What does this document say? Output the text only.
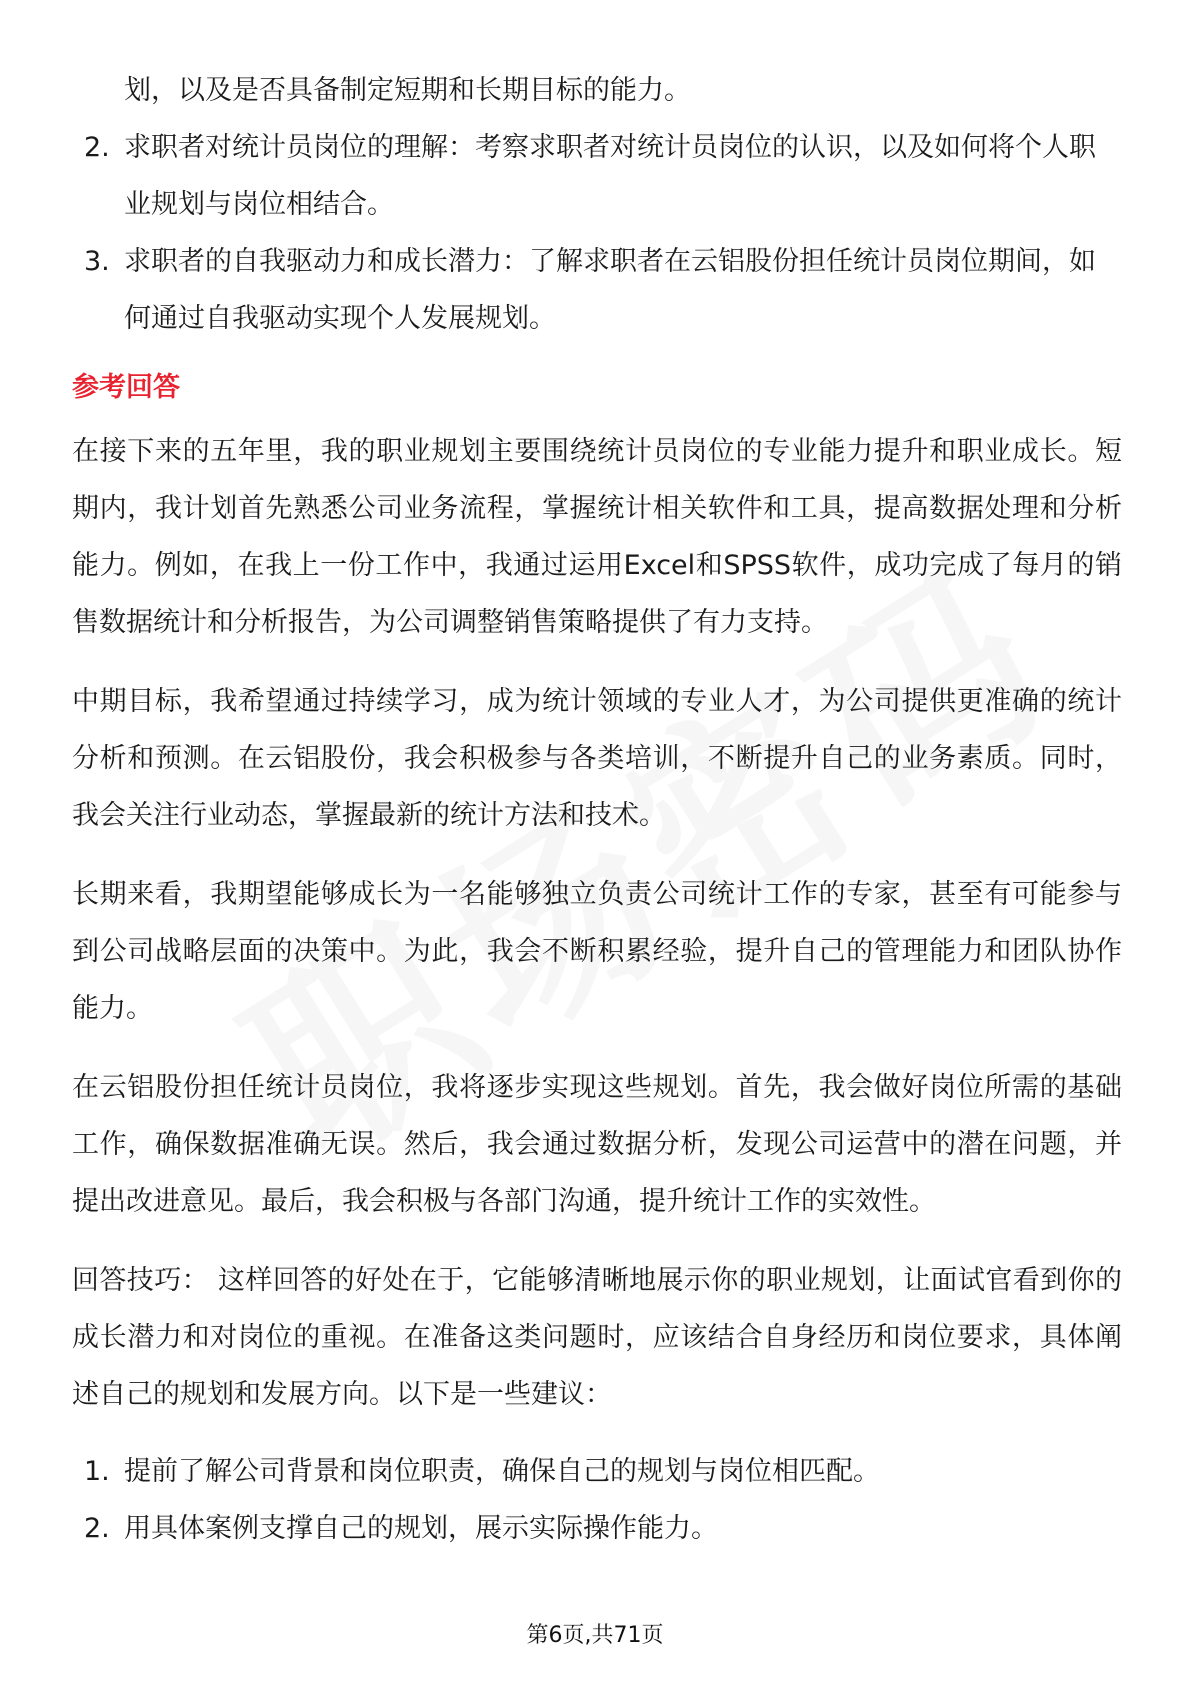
划，以及是否具备制定短期和长期目标的能力。
2. 求职者对统计员岗位的理解：考察求职者对统计员岗位的认识，以及如何将个人职业规划与岗位相结合。
3. 求职者的自我驱动力和成长潜力：了解求职者在云铝股份担任统计员岗位期间，如何通过自我驱动实现个人发展规划。
参考回答

在接下来的五年里，我的职业规划主要围绕统计员岗位的专业能力提升和职业成长。短期内，我计划首先熟悉公司业务流程，掌握统计相关软件和工具，提高数据处理和分析能力。例如，在我上一份工作中，我通过运用Excel和SPSS软件，成功完成了每月的销售数据统计和分析报告，为公司调整销售策略提供了有力支持。

中期目标，我希望通过持续学习，成为统计领域的专业人才，为公司提供更准确的统计分析和预测。在云铝股份，我会积极参与各类培训，不断提升自己的业务素质。同时，我会关注行业动态，掌握最新的统计方法和技术。

长期来看，我期望能够成长为一名能够独立负责公司统计工作的专家，甚至有可能参与到公司战略层面的决策中。为此，我会不断积累经验，提升自己的管理能力和团队协作能力。

在云铝股份担任统计员岗位，我将逐步实现这些规划。首先，我会做好岗位所需的基础工作，确保数据准确无误。然后，我会通过数据分析，发现公司运营中的潜在问题，并提出改进意见。最后，我会积极与各部门沟通，提升统计工作的实效性。

回答技巧： 这样回答的好处在于，它能够清晰地展示你的职业规划，让面试官看到你的成长潜力和对岗位的重视。在准备这类问题时，应该结合自身经历和岗位要求，具体阐述自己的规划和发展方向。以下是一些建议：

1. 提前了解公司背景和岗位职责，确保自己的规划与岗位相匹配。
2. 用具体案例支撑自己的规划，展示实际操作能力。
第6页,共71页
